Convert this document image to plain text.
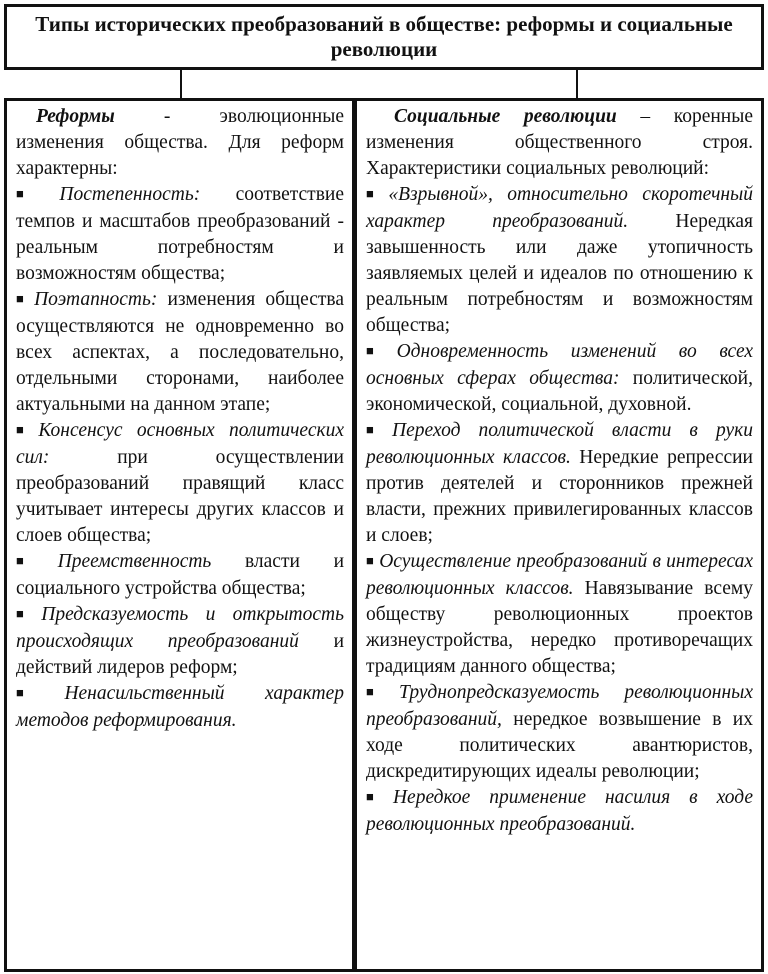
Типы исторических преобразований в обществе: реформы и социальные революции

Реформы - эволюционные изменения общества. Для реформ характерны:

■ Постепенность: соответствие темпов и масштабов преобразований - реальным потребностям и возможностям общества;

■ Поэтапность: изменения общества осуществляются не одновременно во всех аспектах, а последовательно, отдельными сторонами, наиболее актуальными на данном этапе;

■ Консенсус основных политических сил: при осуществлении преобразований правящий класс учитывает интересы других классов и слоев общества;

■ Преемственность власти и социального устройства общества;

■ Предсказуемость и открытость происходящих преобразований и действий лидеров реформ;

■ Ненасильственный характер методов реформирования.

Социальные революции – коренные изменения общественного строя. Характеристики социальных революций:

■ «Взрывной», относительно скоротечный характер преобразований. Нередкая завышенность или даже утопичность заявляемых целей и идеалов по отношению к реальным потребностям и возможностям общества;

■ Одновременность изменений во всех основных сферах общества: политической, экономической, социальной, духовной.

■ Переход политической власти в руки революционных классов. Нередкие репрессии против деятелей и сторонников прежней власти, прежних привилегированных классов и слоев;

■ Осуществление преобразований в интересах революционных классов. Навязывание всему обществу революционных проектов жизнеустройства, нередко противоречащих традициям данного общества;

■ Труднопредсказуемость революционных преобразований, нередкое возвышение в их ходе политических авантюристов, дискредитирующих идеалы революции;

■ Нередкое применение насилия в ходе революционных преобразований.
